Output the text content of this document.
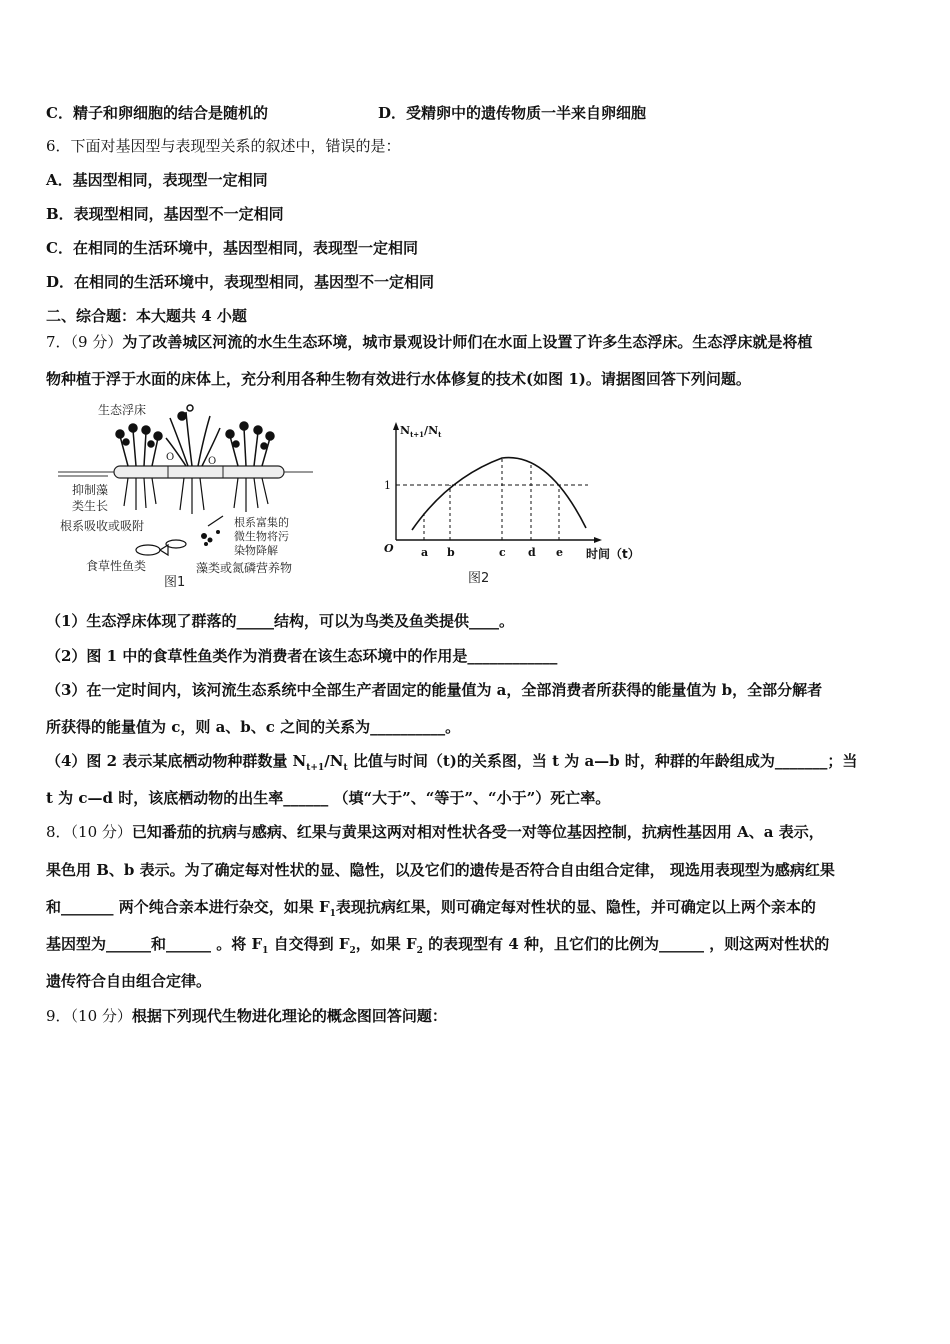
C．精子和卵细胞的结合是随机的	D．受精卵中的遗传物质一半来自卵细胞
6．下面对基因型与表现型关系的叙述中，错误的是：
A．基因型相同，表现型一定相同
B．表现型相同，基因型不一定相同
C．在相同的生活环境中，基因型相同，表现型一定相同
D．在相同的生活环境中，表现型相同，基因型不一定相同
二、综合题：本大题共 4 小题
7．（9 分）为了改善城区河流的水生生态环境，城市景观设计师们在水面上设置了许多生态浮床。生态浮床就是将植
物种植于浮于水面的床体上，充分利用各种生物有效进行水体修复的技术(如图 1)。请据图回答下列问题。
生态浮床
O	O
抑制藻
类生长
根系吸收或吸附	根系富集的
微生物将污
染物降解
食草性鱼类	藻类或氮磷营养物
图1
$N_{t+1}/N_t$
1
O a b	c d e 时间（t）
图2
（1）生态浮床体现了群落的_____结构，可以为鸟类及鱼类提供____。
（2）图 1 中的食草性鱼类作为消费者在该生态环境中的作用是____________
（3）在一定时间内，该河流生态系统中全部生产者固定的能量值为 a，全部消费者所获得的能量值为 b，全部分解者
所获得的能量值为 c，则 a、b、c 之间的关系为__________。
（4）图 2 表示某底栖动物种群数量 $N_{t+1}/N_t$ 比值与时间（t)的关系图，当 t 为 a—b 时，种群的年龄组成为_______；当
t 为 c—d 时，该底栖动物的出生率______ （填“大于”、“等于”、“小于”）死亡率。
8．（10 分）已知番茄的抗病与感病、红果与黄果这两对相对性状各受一对等位基因控制，抗病性基因用 A、a 表示，
果色用 B、b 表示。为了确定每对性状的显、隐性，以及它们的遗传是否符合自由组合定律， 现选用表现型为感病红果
和_______ 两个纯合亲本进行杂交，如果 $F_1$表现抗病红果，则可确定每对性状的显、隐性，并可确定以上两个亲本的
基因型为______和______ 。将 $F_1$ 自交得到 $F_2$，如果 $F_2$ 的表现型有 4 种，且它们的比例为______ ，则这两对性状的
遗传符合自由组合定律。
9．（10 分）根据下列现代生物进化理论的概念图回答问题：
